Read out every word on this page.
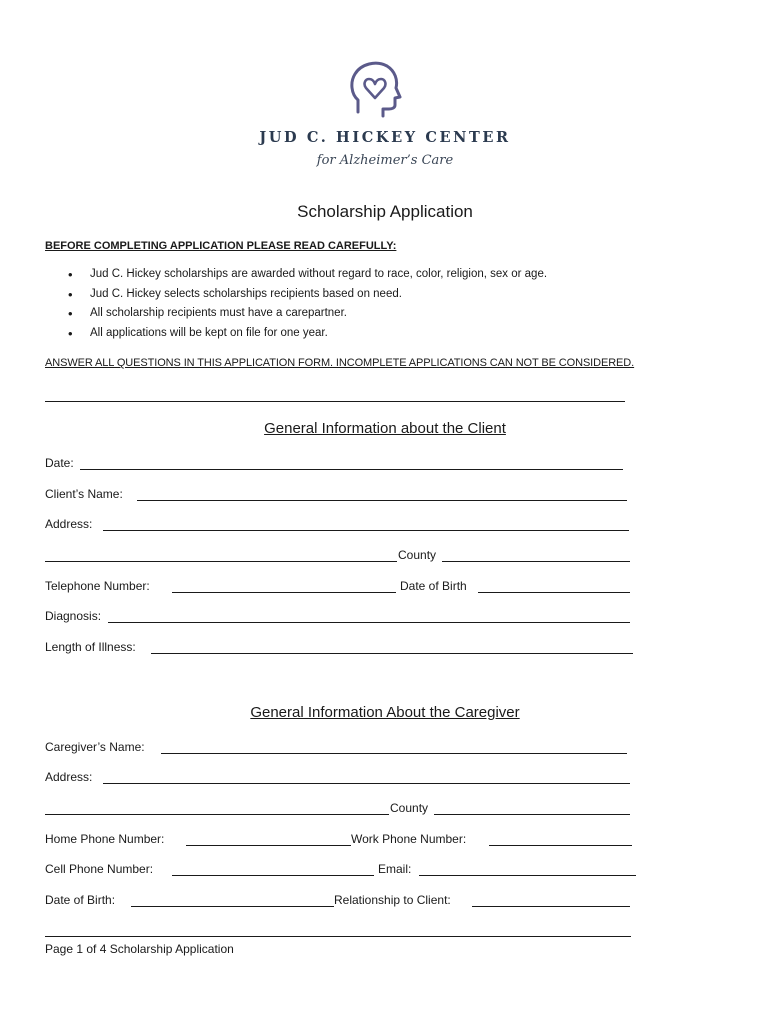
JUD C. HICKEY CENTER
for Alzheimer’s Care
Scholarship Application
BEFORE COMPLETING APPLICATION PLEASE READ CAREFULLY:
• Jud C. Hickey scholarships are awarded without regard to race, color, religion, sex or age.
• Jud C. Hickey selects scholarships recipients based on need.
• All scholarship recipients must have a carepartner.
• All applications will be kept on file for one year.
ANSWER ALL QUESTIONS IN THIS APPLICATION FORM. INCOMPLETE APPLICATIONS CAN NOT BE CONSIDERED.
General Information about the Client
Date:
Client’s Name:
Address:
County
Telephone Number:	Date of Birth
Diagnosis:
Length of Illness:
General Information About the Caregiver
Caregiver’s Name:
Address:
County
Home Phone Number:	Work Phone Number:
Cell Phone Number:	Email:
Date of Birth:	Relationship to Client:
Page 1 of 4 Scholarship Application
